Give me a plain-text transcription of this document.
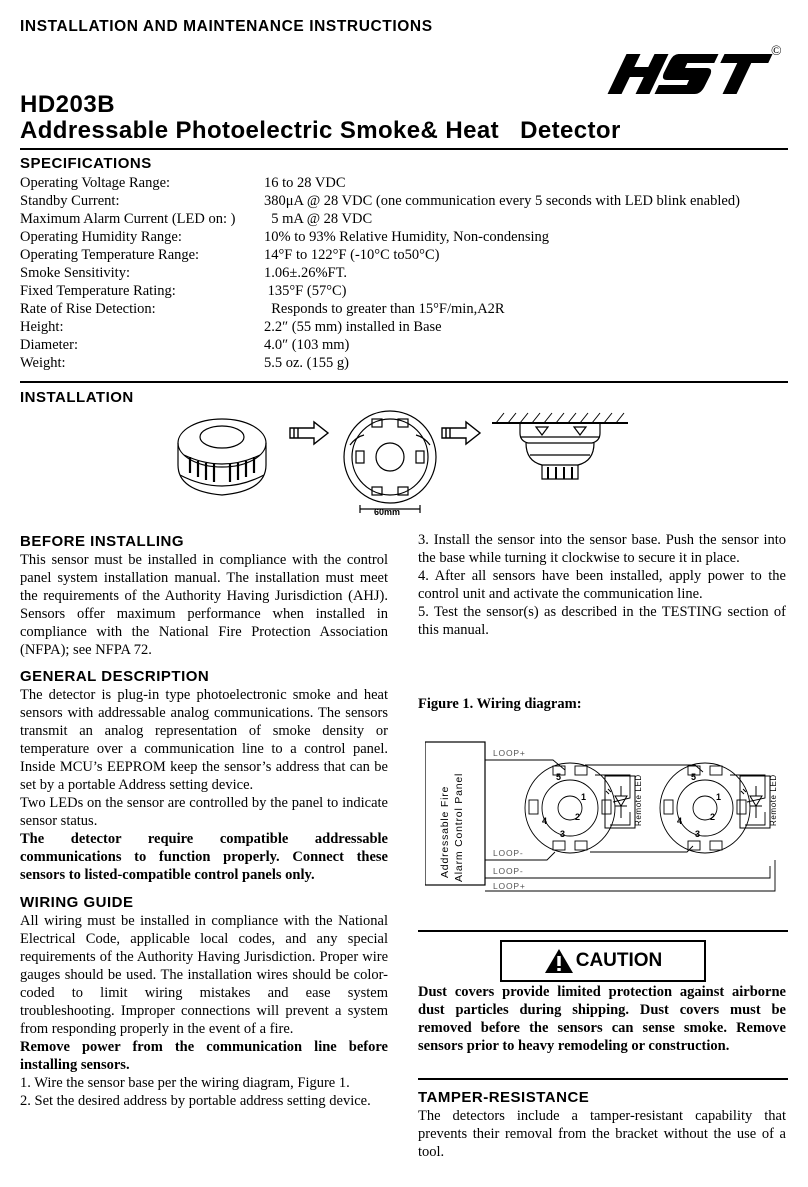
INSTALLATION AND MAINTENANCE INSTRUCTIONS
©
HD203B
Addressable Photoelectric Smoke& Heat   Detector
SPECIFICATIONS
Operating Voltage Range:	16 to 28 VDC
Standby Current:	380μA @ 28 VDC (one communication every 5 seconds with LED blink enabled)
Maximum Alarm Current (LED on: )	5 mA @ 28 VDC
Operating Humidity Range:	10% to 93% Relative Humidity, Non-condensing
Operating Temperature Range:	14°F to 122°F (-10°C to50°C)
Smoke Sensitivity:	1.06±.26%FT.
Fixed Temperature Rating:	135°F (57°C)
Rate of Rise Detection:	Responds to greater than 15°F/min,A2R
Height:	2.2″ (55 mm) installed in Base
Diameter:	4.0″ (103 mm)
Weight:	5.5 oz. (155 g)
INSTALLATION
60mm

BEFORE INSTALLING

This sensor must be installed in compliance with the control panel system installation manual. The installation must meet the requirements of the Authority Having Jurisdiction (AHJ). Sensors offer maximum performance when installed in compliance with the National Fire Protection Association (NFPA); see NFPA 72.

GENERAL DESCRIPTION

The detector is plug-in type photoelectronic smoke and heat sensors with addressable analog communications. The sensors transmit an analog representation of smoke density or temperature over a communication line to a control panel. Inside MCU’s EEPROM keep the sensor’s address that can be set by a portable Address setting device.

Two LEDs on the sensor are controlled by the panel to indicate sensor status.

The detector require compatible addressable communications to function properly. Connect these sensors to listed-compatible control panels only.

WIRING GUIDE

All wiring must be installed in compliance with the National Electrical Code, applicable local codes, and any special requirements of the Authority Having Jurisdiction. Proper wire gauges should be used. The installation wires should be color-coded to limit wiring mistakes and ease system troubleshooting. Improper connections will prevent a system from responding properly in the event of a fire.

Remove power from the communication line before installing sensors.

1. Wire the sensor base per the wiring diagram, Figure 1.

2. Set the desired address by portable address setting device.

3. Install the sensor into the sensor base. Push the sensor into the base while turning it clockwise to secure it in place.

4. After all sensors have been installed, apply power to the control unit and activate the communication line.

5. Test the sensor(s) as described in the TESTING section of this manual.

Figure 1. Wiring diagram:
Addressable Fire Alarm Control Panel	5
1
4	2
3
5
1
4	2
3
Remote LED	Remote LED
LOOP+
LOOP-
LOOP-
LOOP+
CAUTION
Dust covers provide limited protection against airborne dust particles during shipping. Dust covers must be removed before the sensors can sense smoke. Remove sensors prior to heavy remodeling or construction.

TAMPER-RESISTANCE

The detectors include a tamper-resistant capability that prevents their removal from the bracket without the use of a tool.
